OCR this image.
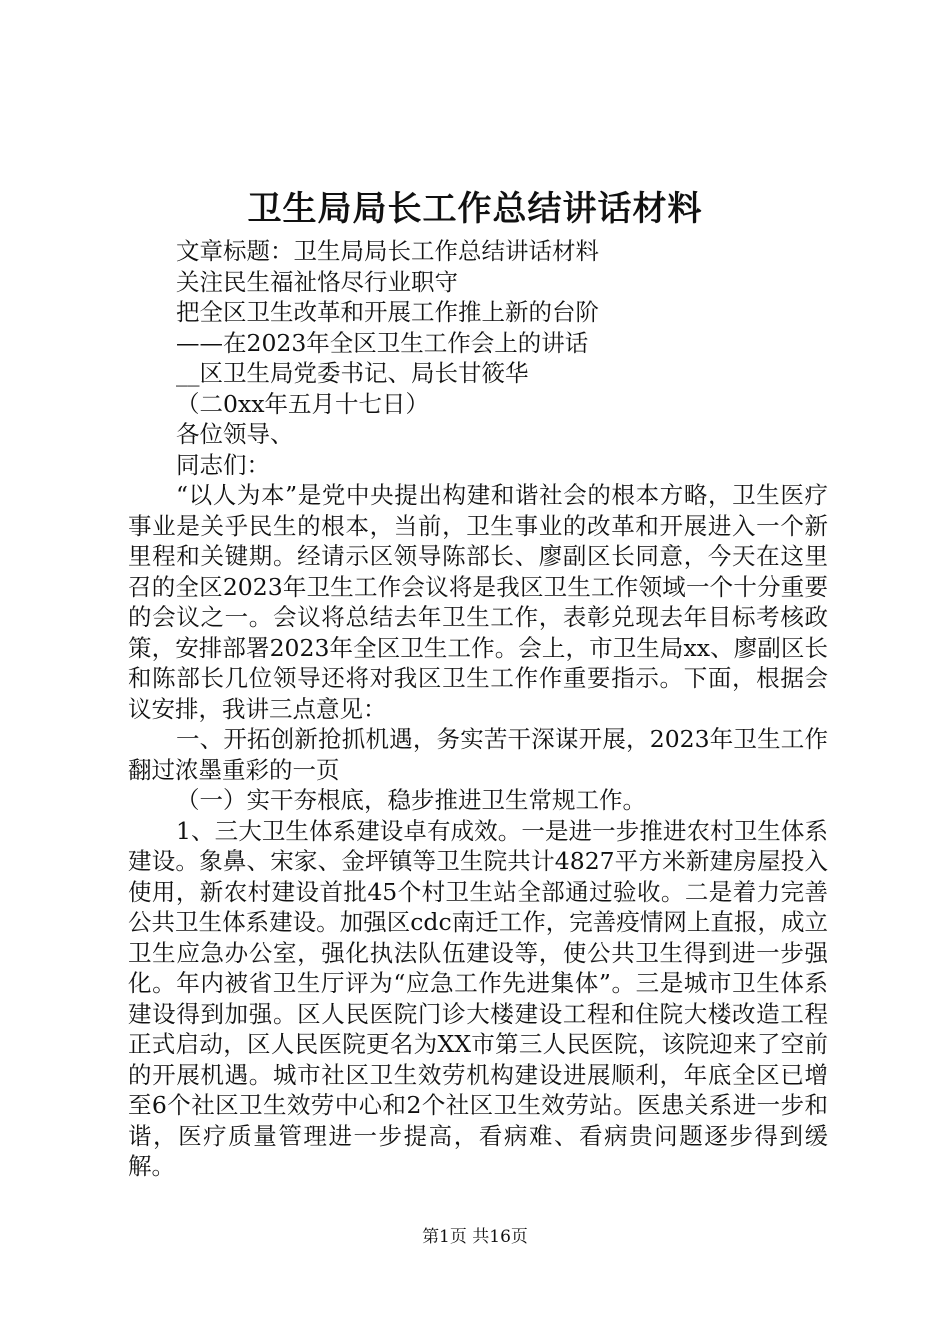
卫生局局长工作总结讲话材料

文章标题：卫生局局长工作总结讲话材料

关注民生福祉恪尽行业职守

把全区卫生改革和开展工作推上新的台阶

——在2023年全区卫生工作会上的讲话

__区卫生局党委书记、局长甘筱华

（二0xx年五月十七日）

各位领导、

同志们：

“以人为本”是党中央提出构建和谐社会的根本方略，卫生医疗事业是关乎民生的根本，当前，卫生事业的改革和开展进入一个新里程和关键期。经请示区领导陈部长、廖副区长同意，今天在这里召的全区2023年卫生工作会议将是我区卫生工作领域一个十分重要的会议之一。会议将总结去年卫生工作，表彰兑现去年目标考核政策，安排部署2023年全区卫生工作。会上，市卫生局xx、廖副区长和陈部长几位领导还将对我区卫生工作作重要指示。下面，根据会议安排，我讲三点意见：

一、开拓创新抢抓机遇，务实苦干深谋开展，2023年卫生工作翻过浓墨重彩的一页

（一）实干夯根底，稳步推进卫生常规工作。

1、三大卫生体系建设卓有成效。一是进一步推进农村卫生体系建设。象鼻、宋家、金坪镇等卫生院共计4827平方米新建房屋投入使用，新农村建设首批45个村卫生站全部通过验收。二是着力完善公共卫生体系建设。加强区cdc南迁工作，完善疫情网上直报，成立卫生应急办公室，强化执法队伍建设等，使公共卫生得到进一步强化。年内被省卫生厅评为“应急工作先进集体”。三是城市卫生体系建设得到加强。区人民医院门诊大楼建设工程和住院大楼改造工程正式启动，区人民医院更名为XX市第三人民医院，该院迎来了空前的开展机遇。城市社区卫生效劳机构建设进展顺利，年底全区已增至6个社区卫生效劳中心和2个社区卫生效劳站。医患关系进一步和谐，医疗质量管理进一步提高，看病难、看病贵问题逐步得到缓解。

第1页 共16页
